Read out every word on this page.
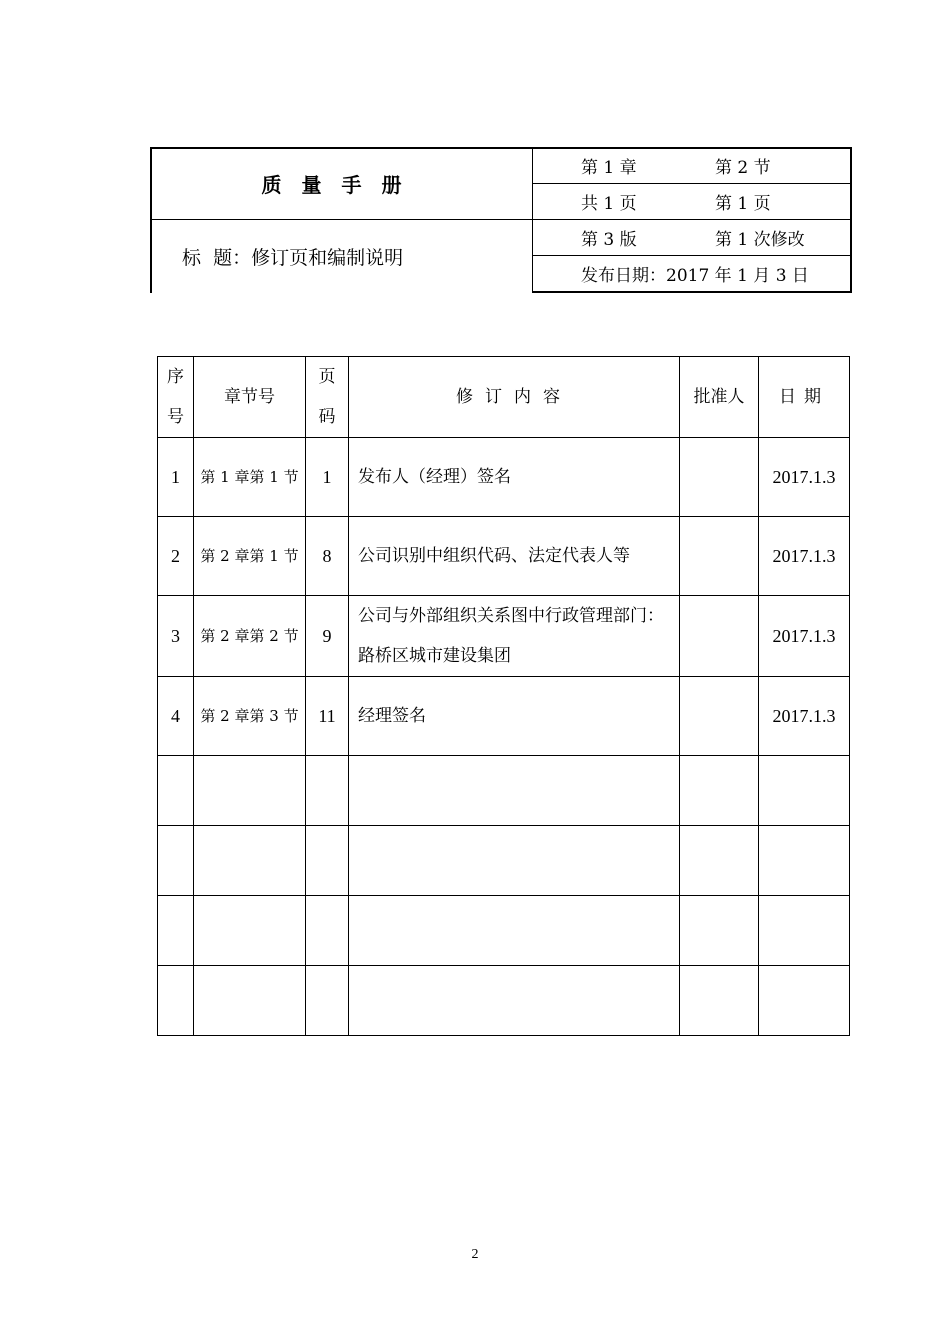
质量手册
标  题：修订页和编制说明
第 1 章	第 2 节
共 1 页	第 1 页
第 3 版	第 1 次修改
发布日期：2017 年 1 月 3 日
序号	章节号	页码	修订内容	批准人	日期
1	第 1 章第 1 节	1	发布人（经理）签名		2017.1.3
2	第 2 章第 1 节	8	公司识别中组织代码、法定代表人等		2017.1.3
3	第 2 章第 2 节	9	公司与外部组织关系图中行政管理部门：路桥区城市建设集团		2017.1.3
4	第 2 章第 3 节	11	经理签名		2017.1.3

2
